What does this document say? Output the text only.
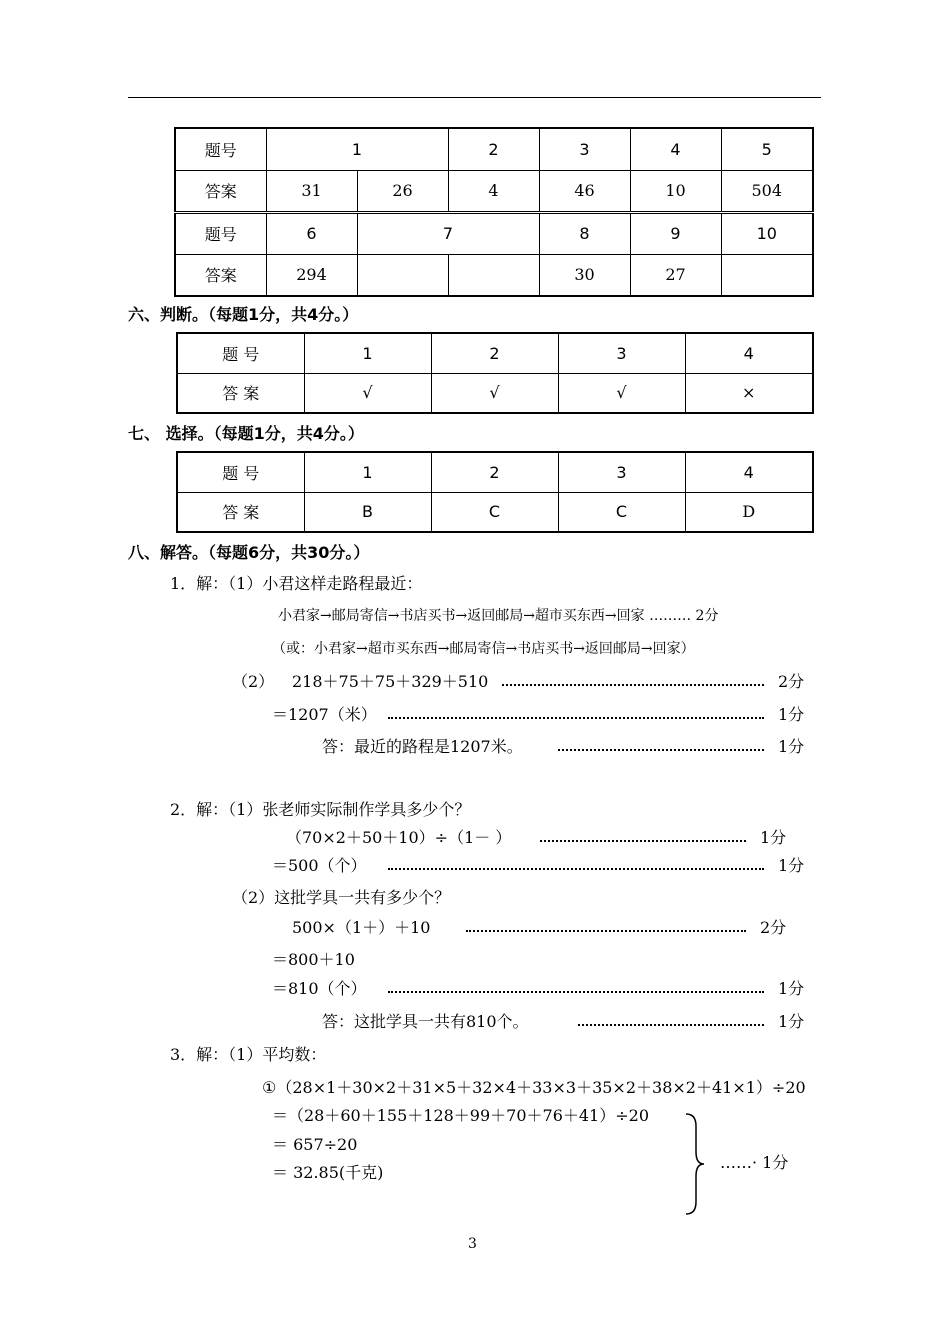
题号	1		2	3	4	5
答案	31	26	4	46	10	504
题号	6	7		8	9	10
答案	294			30	27	
六、判断。（每题1分，共4分。）
题 号	1	2	3	4
答 案	√	√	√	×
七、 选择。（每题1分，共4分。）
题 号	1	2	3	4
答 案	B	C	C	D
八、解答。（每题6分，共30分。）
1．解：（1）小君这样走路程最近：
小君家→邮局寄信→书店买书→返回邮局→超市买东西→回家 ……… 2分
（或：小君家→超市买东西→邮局寄信→书店买书→返回邮局→回家）
（2） 218＋75＋75＋329＋510	2分
＝1207（米）	1分
答：最近的路程是1207米。	1分
2．解：（1）张老师实际制作学具多少个？
（70×2＋50＋10）÷（1－ ）	1分
＝500（个）	1分
（2）这批学具一共有多少个？
500×（1＋）＋10	2分
＝800＋10
＝810（个）	1分
答：这批学具一共有810个。	1分
3．解：（1）平均数：
①（28×1＋30×2＋31×5＋32×4＋33×3＋35×2＋38×2＋41×1）÷20
＝（28＋60＋155＋128＋99＋70＋76＋41）÷20
＝ 657÷20
＝ 32.85(千克)
……· 1分
3
